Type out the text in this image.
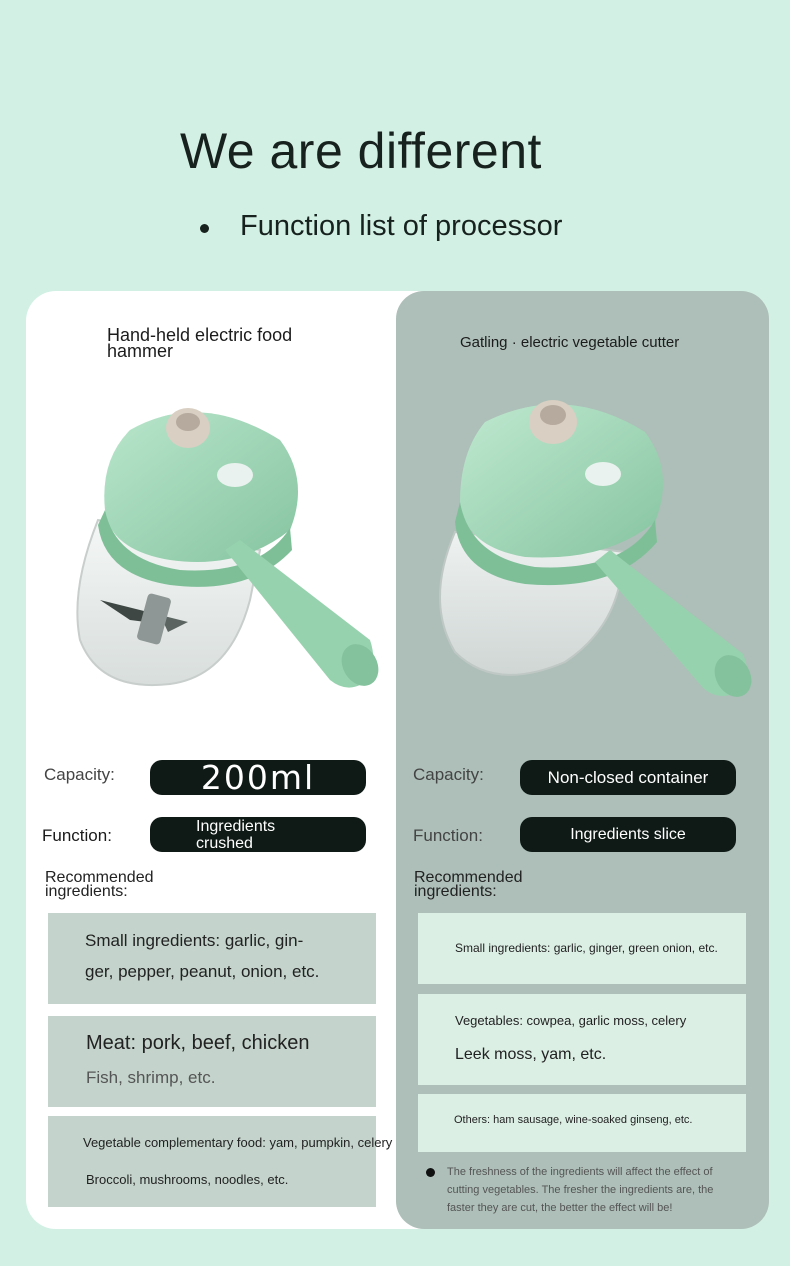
We are different
Function list of processor
Hand-held electric food hammer	Gatling · electric vegetable cutter
Capacity:	200ml
Function:	Ingredients crushed
Recommended ingredients:
Small ingredients: garlic, gin-
ger, pepper, peanut, onion, etc.
Meat: pork, beef, chicken
Fish, shrimp, etc.
Vegetable complementary food: yam, pumpkin, celery
Broccoli, mushrooms, noodles, etc.
Capacity:	Non-closed container
Function:	Ingredients slice
Recommended ingredients:
Small ingredients: garlic, ginger, green onion, etc.
Vegetables: cowpea, garlic moss, celery
Leek moss, yam, etc.
Others: ham sausage, wine-soaked ginseng, etc.
The freshness of the ingredients will affect the effect of cutting vegetables. The fresher the ingredients are, the faster they are cut, the better the effect will be!
